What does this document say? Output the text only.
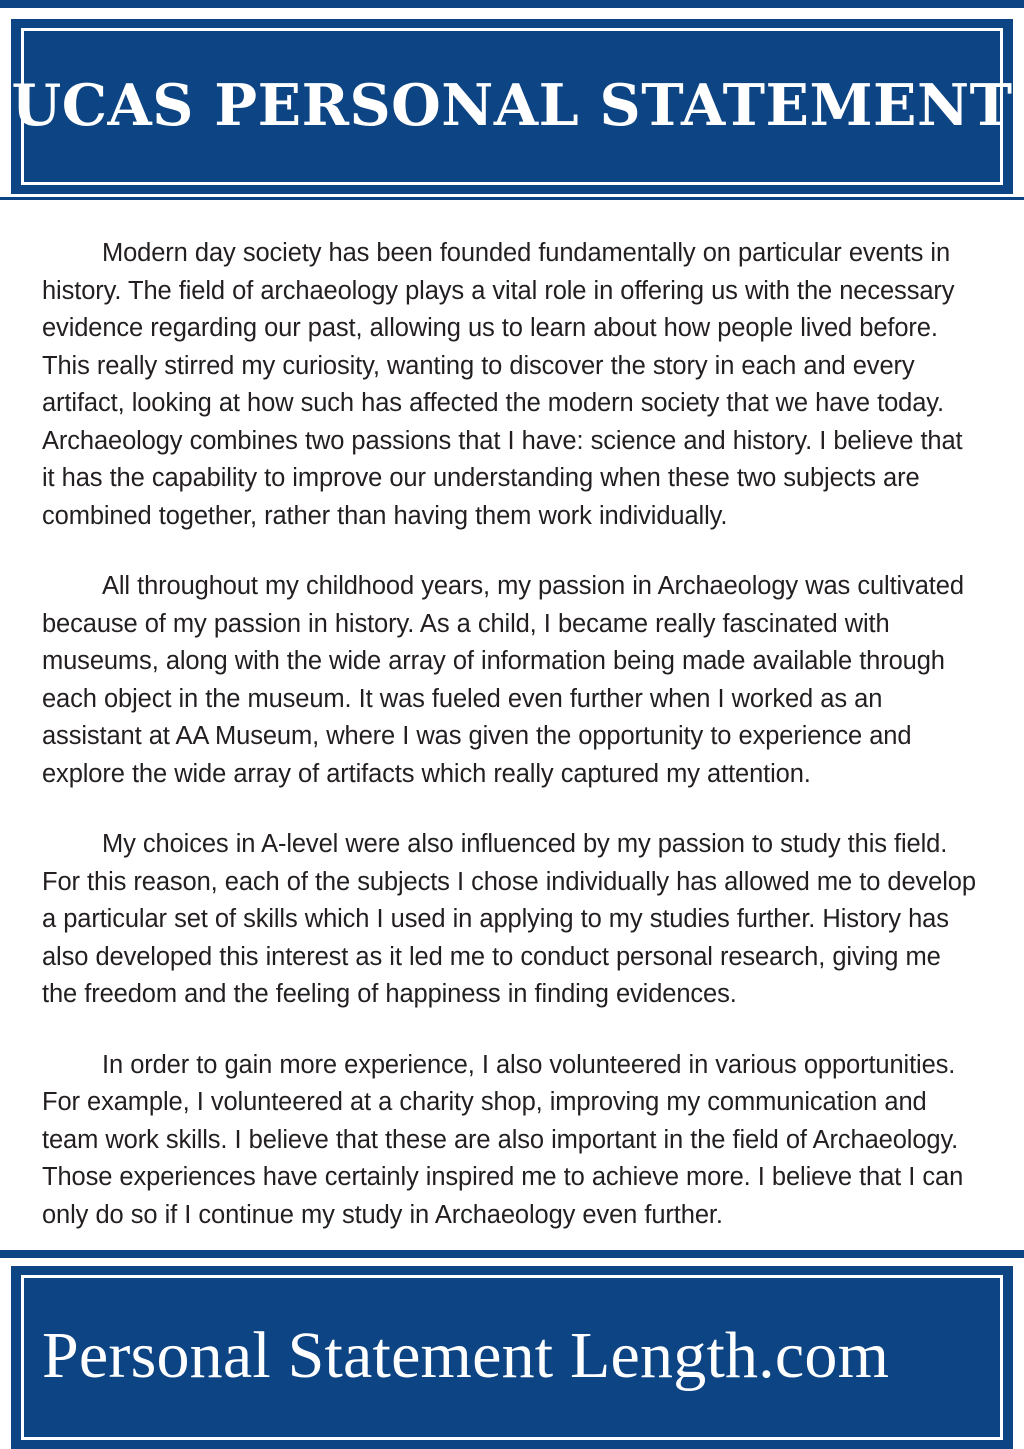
UCAS PERSONAL STATEMENT

Modern day society has been founded fundamentally on particular events in history. The field of archaeology plays a vital role in offering us with the necessary evidence regarding our past, allowing us to learn about how people lived before. This really stirred my curiosity, wanting to discover the story in each and every artifact, looking at how such has affected the modern society that we have today. Archaeology combines two passions that I have: science and history. I believe that it has the capability to improve our understanding when these two subjects are combined together, rather than having them work individually.

All throughout my childhood years, my passion in Archaeology was cultivated because of my passion in history. As a child, I became really fascinated with museums, along with the wide array of information being made available through each object in the museum. It was fueled even further when I worked as an assistant at AA Museum, where I was given the opportunity to experience and explore the wide array of artifacts which really captured my attention.

My choices in A-level were also influenced by my passion to study this field. For this reason, each of the subjects I chose individually has allowed me to develop a particular set of skills which I used in applying to my studies further. History has also developed this interest as it led me to conduct personal research, giving me the freedom and the feeling of happiness in finding evidences.

In order to gain more experience, I also volunteered in various opportunities. For example, I volunteered at a charity shop, improving my communication and team work skills. I believe that these are also important in the field of Archaeology. Those experiences have certainly inspired me to achieve more. I believe that I can only do so if I continue my study in Archaeology even further.

Personal Statement Length.com
